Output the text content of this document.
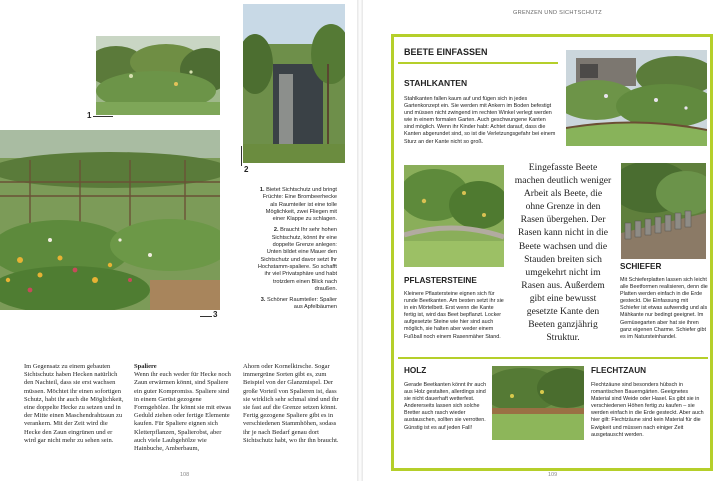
1
2
3

1. Bietet Sichtschutz und bringt Früchte: Eine Brombeerhecke als Raumteiler ist eine tolle Möglichkeit, zwei Fliegen mit einer Klappe zu schlagen.

2. Braucht Ihr sehr hohen Sichtschutz, könnt ihr eine doppelte Grenze anlegen: Unten bildet eine Mauer den Sichtschutz und davor setzt Ihr Hochstamm-spaliere. So schafft ihr viel Privatsphäre und habt trotzdem einen Blick nach draußen.

3. Schöner Raumteiler: Spalier aus Apfelbäumen

Im Gegensatz zu einem gebauten Sichtschutz haben Hecken natürlich den Nachteil, dass sie erst wachsen müssen. Möchtet ihr einen sofortigen Schutz, habt ihr auch die Möglichkeit, eine doppelte Hecke zu setzen und in der Mitte einen Maschendrahtzaun zu verankern. Mit der Zeit wird die Hecke den Zaun eingrünen und er wird gar nicht mehr zu sehen sein.
Spaliere
Wenn ihr euch weder für Hecke noch Zaun erwärmen könnt, sind Spaliere ein guter Kompromiss. Spaliere sind in einem Gerüst gezogene Formgehölze. Ihr könnt sie mit etwas Geduld ziehen oder fertige Elemente kaufen. Für Spaliere eignen sich Kletterpflanzen, Spalierobst, aber auch viele Laubgehölze wie Hainbuche, Amberbaum,
Ahorn oder Kornelkirsche. Sogar immergrüne Sorten gibt es, zum Beispiel von der Glanzmispel. Der große Vorteil von Spalieren ist, dass sie wirklich sehr schmal sind und ihr sie fast auf die Grenze setzen könnt. Fertig gezogene Spaliere gibt es in verschiedenen Stammhöhen, sodass ihr je nach Bedarf genau dort Sichtschutz habt, wo ihr ihn braucht.
108
GRENZEN UND SICHTSCHUTZ
BEETE EINFASSEN
STAHLKANTEN
Stahlkanten fallen kaum auf und fügen sich in jedes Gartenkonzept ein. Sie werden mit Ankern im Boden befestigt und müssen nicht zwingend im rechten Winkel verlegt werden wie in einem formalen Garten. Auch geschwungene Kanten sind möglich. Wenn ihr Kinder habt: Achtet darauf, dass die Kanten abgerundet sind, so ist die Verletzungsgefahr bei einem Sturz an der Kante nicht so groß.
Eingefasste Beete machen deutlich weniger Arbeit als Beete, die ohne Grenze in den Rasen übergehen. Der Rasen kann nicht in die Beete wachsen und die Stauden breiten sich umgekehrt nicht im Rasen aus. Außerdem gibt eine bewusst gesetzte Kante den Beeten ganzjährig Struktur.
PFLASTERSTEINE
Kleinere Pflastersteine eignen sich für runde Beetkanten. Am besten setzt ihr sie in ein Mörtelbett. Erst wenn die Kante fertig ist, wird das Beet bepflanzt. Locker aufgesetzte Steine wie hier sind auch möglich, sie halten aber weder einem Fußball noch einem Rasenmäher Stand.
SCHIEFER
Mit Schieferplatten lassen sich leicht alle Beetformen realisieren, denn die Platten werden einfach in die Erde gesteckt. Die Einfassung mit Schiefer ist etwas aufwendig und als Mähkante nur bedingt geeignet. Im Gemüsegarten aber hat sie ihren ganz eigenen Charme. Schiefer gibt es im Natursteinhandel.
HOLZ
Gerade Beetkanten könnt ihr auch aus Holz gestalten, allerdings sind sie nicht dauerhaft wetterfest. Andererseits lassen sich solche Bretter auch rasch wieder austauschen, sollten sie verrotten. Günstig ist es auf jeden Fall!
FLECHTZAUN
Flechtzäune sind besonders hübsch in romantischen Bauerngärten. Geeignetes Material sind Weide oder Hasel. Es gibt sie in verschiedenen Höhen fertig zu kaufen – sie werden einfach in die Erde gesteckt. Aber auch hier gilt: Flechtzäune sind kein Material für die Ewigkeit und müssen nach einiger Zeit ausgetauscht werden.
109
